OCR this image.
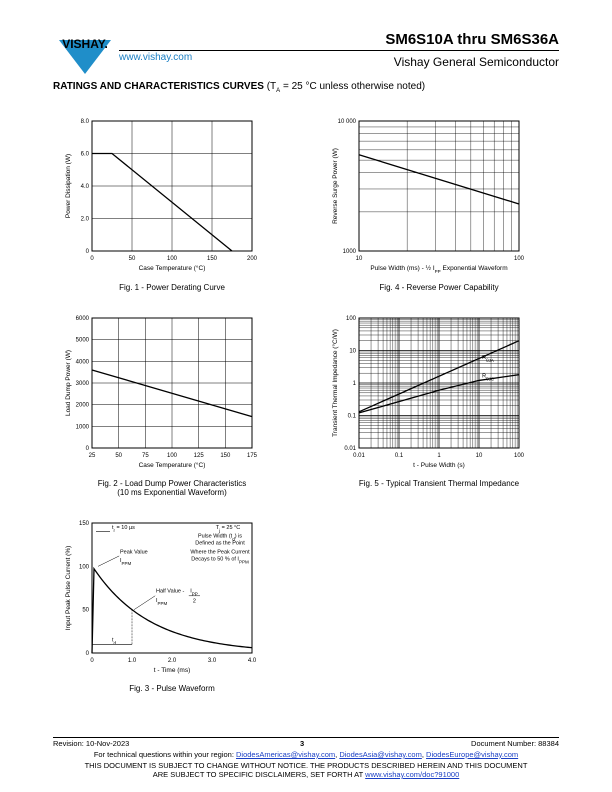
VISHAY.
www.vishay.com
SM6S10A thru SM6S36A
Vishay General Semiconductor
RATINGS AND CHARACTERISTICS CURVES ($T_A = 25$ °C unless otherwise noted)
0	50	100	150	200
0
2.0
4.0
6.0
8.0
Case Temperature (°C)
Power Dissipation (W)
Fig. 1 - Power Derating Curve
10	100
1000
10 000
Pulse Width (ms) - ½ $I_{PP}$ Exponential Waveform
Reverse Surge Power (W)
Fig. 4 - Reverse Power Capability
25	50	75	100	125	150	175
0
1000
2000
3000
4000
5000
6000
Case Temperature (°C)
Load Dump Power (W)
Fig. 2 - Load Dump Power Characteristics
(10 ms Exponential Waveform)
0.01	0.1	1	10	100
0.01
0.1
1
10
100
t - Pulse Width (s)
Transient Thermal Impedance (°C/W)	$R_{\theta JA}$
$R_{\theta JC}$
Fig. 5 - Typical Transient Thermal Impedance
0	1.0	2.0	3.0	4.0
0
50
100
150
t - Time (ms)
Input Peak Pulse Current (%)
$t_r = 10$ µs	$T_j = 25$ °C
Pulse Width $(t_d)$ is
Defined as the Point
Where the Peak Current
Decays to 50 % of $I_{PPM}$
Peak Value
$I_{PPM}$
Half Value - $I_{PP}$
2
$I_{PPM}$
$t_d$
Fig. 3 - Pulse Waveform
Revision: 10-Nov-2023	3	Document Number: 88384
For technical questions within your region: DiodesAmericas@vishay.com, DiodesAsia@vishay.com, DiodesEurope@vishay.com
THIS DOCUMENT IS SUBJECT TO CHANGE WITHOUT NOTICE. THE PRODUCTS DESCRIBED HEREIN AND THIS DOCUMENT
ARE SUBJECT TO SPECIFIC DISCLAIMERS, SET FORTH AT www.vishay.com/doc?91000
